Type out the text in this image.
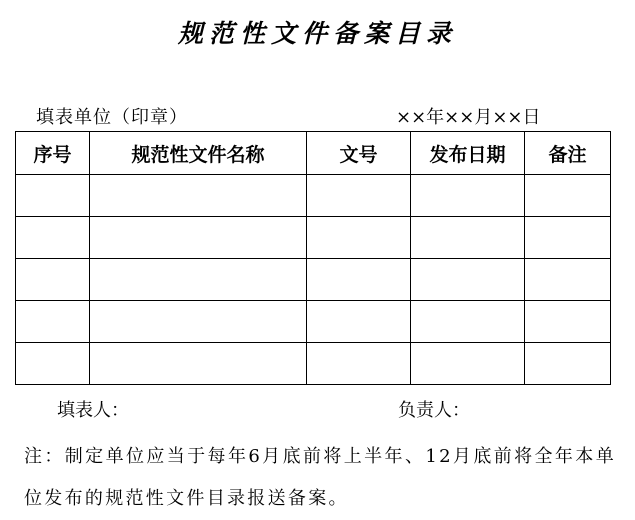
规范性文件备案目录
填表单位（印章）	××年××月××日
序号	规范性文件名称	文号	发布日期	备注

填表人：	负责人：
注：制定单位应当于每年6月底前将上半年、12月底前将全年本单位发布的规范性文件目录报送备案。
